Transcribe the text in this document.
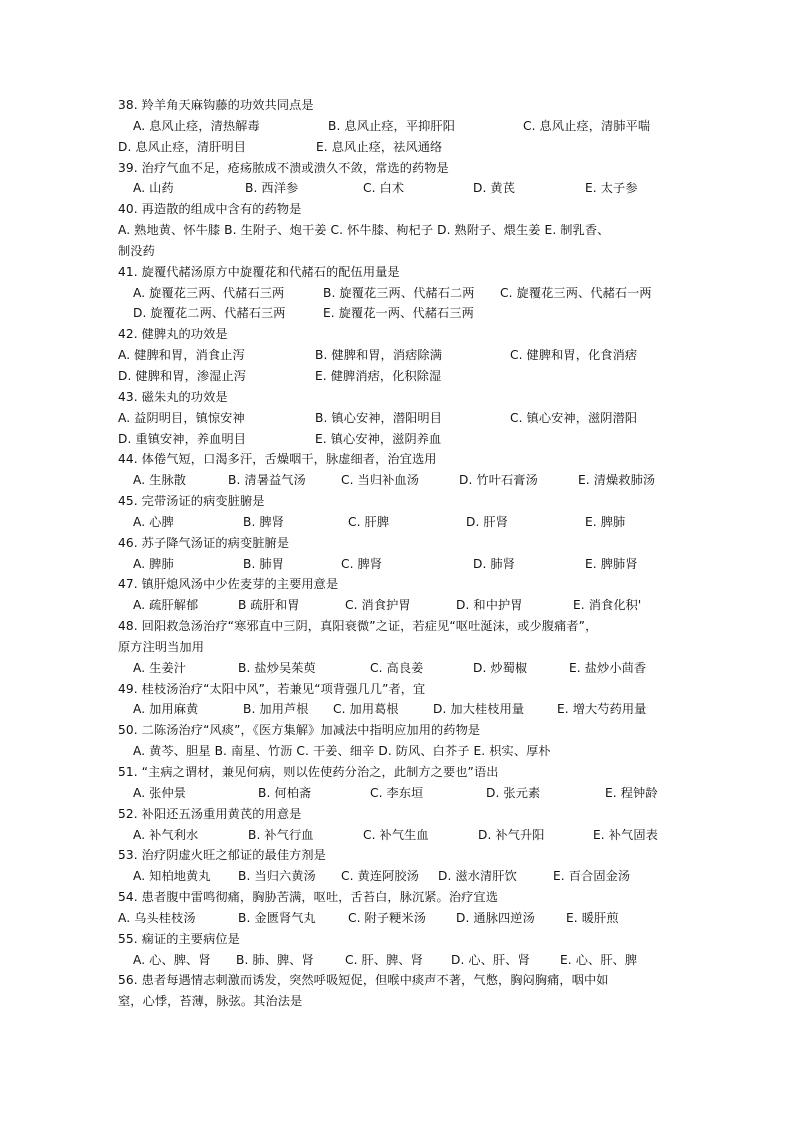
38. 羚羊角天麻钩藤的功效共同点是
A. 息风止痉，清热解毒	B. 息风止痉，平抑肝阳	C. 息风止痉，清肺平喘
D. 息风止痉，清肝明目	E. 息风止痉，祛风通络
39. 治疗气血不足，疮疡脓成不溃或溃久不敛，常选的药物是
A. 山药	B. 西洋参	C. 白术	D. 黄芪	E. 太子参
40. 再造散的组成中含有的药物是
A. 熟地黄、怀牛膝 B. 生附子、炮干姜 C. 怀牛膝、枸杞子 D. 熟附子、煨生姜 E. 制乳香、
制没药
41. 旋覆代赭汤原方中旋覆花和代赭石的配伍用量是
A. 旋覆花三两、代赭石三两	B. 旋覆花三两、代赭石二两 C. 旋覆花三两、代赭石一两
D. 旋覆花二两、代赭石三两	E. 旋覆花一两、代赭石三两
42. 健脾丸的功效是
A. 健脾和胃，消食止泻	B. 健脾和胃，消痞除满	C. 健脾和胃，化食消痞
D. 健脾和胃，渗湿止泻	E. 健脾消痞，化积除湿
43. 磁朱丸的功效是
A. 益阴明目，镇惊安神	B. 镇心安神，潜阳明目	C. 镇心安神，滋阴潜阳
D. 重镇安神，养血明目	E. 镇心安神，滋阴养血
44. 体倦气短，口渴多汗，舌燥咽干，脉虚细者，治宜选用
A. 生脉散	B. 清暑益气汤	C. 当归补血汤	D. 竹叶石膏汤	E. 清燥救肺汤
45. 完带汤证的病变脏腑是
A. 心脾	B. 脾肾	C. 肝脾	D. 肝肾	E. 脾肺
46. 苏子降气汤证的病变脏腑是
A. 脾肺	B. 肺胃	C. 脾肾	D. 肺肾	E. 脾肺肾
47. 镇肝熄风汤中少佐麦芽的主要用意是
A. 疏肝解郁	B 疏肝和胃	C. 消食护胃	D. 和中护胃	E. 消食化积'
48. 回阳救急汤治疗“寒邪直中三阴，真阳衰微”之证，若症见“呕吐涎沫，或少腹痛者”，
原方注明当加用
A. 生姜汁	B. 盐炒吴茱萸	C. 高良姜	D. 炒蜀椒	E. 盐炒小茴香
49. 桂枝汤治疗“太阳中风”，若兼见“项背强几几”者，宜
A. 加用麻黄	B. 加用芦根 C. 加用葛根	D. 加大桂枝用量	E. 增大芍药用量
50. 二陈汤治疗“风痰”，《医方集解》加减法中指明应加用的药物是
A. 黄芩、胆星 B. 南星、竹沥 C. 干姜、细辛 D. 防风、白芥子 E. 枳实、厚朴
51. “主病之谓材，兼见何病，则以佐使药分治之，此制方之要也”语出
A. 张仲景	B. 何柏斋	C. 李东垣	D. 张元素	E. 程钟龄
52. 补阳还五汤重用黄芪的用意是
A. 补气利水	B. 补气行血	C. 补气生血	D. 补气升阳	E. 补气固表
53. 治疗阴虚火旺之郁证的最佳方剂是
A. 知柏地黄丸 B. 当归六黄汤 C. 黄连阿胶汤 D. 滋水清肝饮	E. 百合固金汤
54. 患者腹中雷鸣彻痛，胸胁苦满，呕吐，舌苔白，脉沉紧。治疗宜选
A. 乌头桂枝汤	B. 金匮肾气丸	C. 附子粳米汤 D. 通脉四逆汤	E. 暖肝煎
55. 痫证的主要病位是
A. 心、脾、肾 B. 肺、脾、肾	C. 肝、脾、肾 D. 心、肝、肾 E. 心、肝、脾
56. 患者每遇情志刺激而诱发，突然呼吸短促，但喉中痰声不著，气憋，胸闷胸痛，咽中如
窒，心悸，苔薄，脉弦。其治法是
